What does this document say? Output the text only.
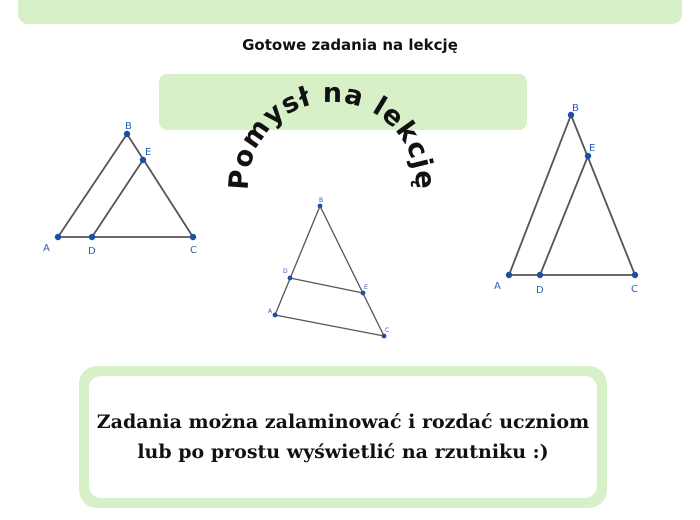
Gotowe zadania na lekcję
Pomysł na lekcję
A
B
C
D
E
A
B
C
D
E	A
B
C
D
E
Zadania można zalaminować i rozdać uczniom
lub po prostu wyświetlić na rzutniku :)
